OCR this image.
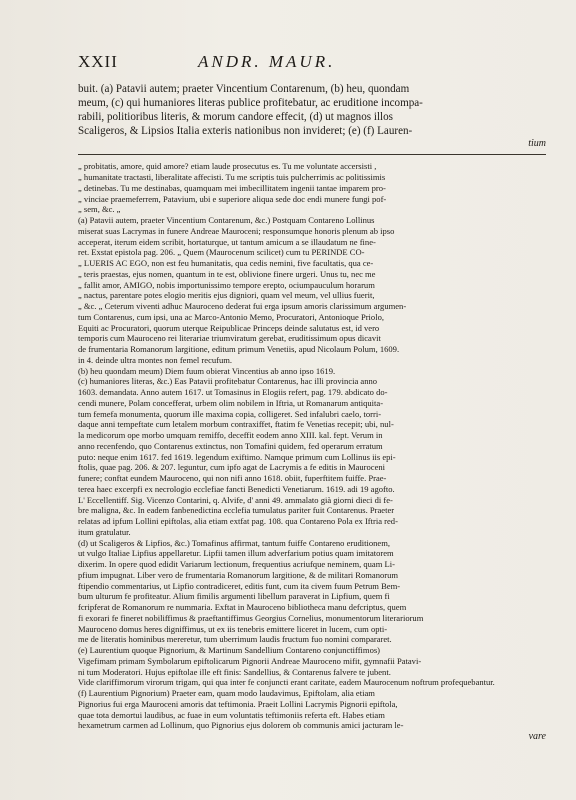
XXII	ANDR. MAUR.

buit. (a) Patavii autem; praeter Vincentium Contarenum, (b) heu, quondam

meum, (c) qui humaniores literas publice profitebatur, ac eruditione incompa-

rabili, politioribus literis, & morum candore effecit, (d) ut magnos illos

Scaligeros, & Lipsios Italia exteris nationibus non invideret; (e) (f) Lauren-

tium

„ probitatis, amore, quid amore? etiam laude prosecutus es. Tu me voluntate accersisti ,

„ humanitate tractasti, liberalitate affecisti. Tu me scriptis tuis pulcherrimis ac politissimis

„ detinebas. Tu me destinabas, quamquam mei imbecillitatem ingenii tantae imparem pro-

„ vinciae praemeferrem, Patavium, ubi e superiore aliqua sede doc endi munere fungi pof-

„ sem, &c. „

(a) Patavii autem, praeter Vincentium Contarenum, &c.) Postquam Contareno Lollinus

miserat suas Lacrymas in funere Andreae Mauroceni; responsumque honoris plenum ab ipso

acceperat, iterum eidem scribit, hortaturque, ut tantum amicum a se illaudatum ne fine-

ret. Exstat epistola pag. 206. „ Quem (Maurocenum scilicet) cum tu PERINDE CO-

„ LUERIS AC EGO, non est feu humanitatis, qua cedis nemini, five facultatis, qua ce-

„ teris praestas, ejus nomen, quantum in te est, oblivione finere urgeri. Unus tu, nec me

„ fallit amor, AMIGO, nobis importunissimo tempore erepto, ociumpauculum horarum

„ nactus, parentare potes elogio meritis ejus digniori, quam vel meum, vel ullius fuerit,

„ &c. „ Ceterum viventi adhuc Mauroceno dederat fui erga ipsum amoris clarissimum argumen-

tum Contarenus, cum ipsi, una ac Marco-Antonio Memo, Procuratori, Antonioque Priolo,

Equiti ac Procuratori, quorum uterque Reipublicae Princeps deinde salutatus est, id vero

temporis cum Mauroceno rei literariae triumviratum gerebat, eruditissimum opus dicavit

de frumentaria Romanorum largitione, editum primum Venetiis, apud Nicolaum Polum, 1609.

in 4. deinde ultra montes non femel recufum.

(b) heu quondam meum) Diem fuum obierat Vincentius ab anno ipso 1619.

(c) humaniores literas, &c.) Eas Patavii profitebatur Contarenus, hac illi provincia anno

1603. demandata. Anno autem 1617. ut Tomasinus in Elogiis refert, pag. 179. abdicato do-

cendi munere, Polam concefferat, urbem olim nobilem in Iftria, ut Romanarum antiquita-

tum femefa monumenta, quorum ille maxima copia, colligeret. Sed infalubri caelo, torri-

daque anni tempeftate cum letalem morbum contraxiffet, ftatim fe Venetias recepit; ubi, nul-

la medicorum ope morbo umquam remiffo, deceffit eodem anno XIII. kal. fept. Verum in

anno recenfendo, quo Contarenus extinctus, non Tomafini quidem, fed operarum erratum

puto: neque enim 1617. fed 1619. legendum exiftimo. Namque primum cum Lollinus iis epi-

ftolis, quae pag. 206. & 207. leguntur, cum ipfo agat de Lacrymis a fe editis in Mauroceni

funere; conftat eundem Mauroceno, qui non nifi anno 1618. obiit, fuperftitem fuiffe. Prae-

terea haec excerpfi ex necrologio ecclefiae fancti Benedicti Venetiarum. 1619. adi 19 agofto.

L' Eccellentiff. Sig. Vicenzo Contarini, q. Alvife, d' anni 49. ammalato già giorni dieci di fe-

bre maligna, &c. In eadem fanbenedictina ecclefia tumulatus pariter fuit Contarenus. Praeter

relatas ad ipfum Lollini epiftolas, alia etiam extfat pag. 108. qua Contareno Pola ex Iftria red-

itum gratulatur.

(d) ut Scaligeros & Lipfios, &c.) Tomafinus affirmat, tantum fuiffe Contareno eruditionem,

ut vulgo Italiae Lipfius appellaretur. Lipfii tamen illum adverfarium potius quam imitatorem

dixerim. In opere quod edidit Variarum lectionum, frequentius acriufque neminem, quam Li-

pfium impugnat. Liber vero de frumentaria Romanorum largitione, & de militari Romanorum

ftipendio commentarius, ut Lipfio contradiceret, editis funt, cum ita civem fuum Petrum Bem-

bum ulturum fe profiteatur. Alium fimilis argumenti libellum paraverat in Lipfium, quem fi

fcripferat de Romanorum re nummaria. Exftat in Mauroceno bibliotheca manu defcriptus, quem

fi exorari fe fineret nobiliffimus & praeftantiffimus Georgius Cornelius, monumentorum literariorum

Mauroceno domus heres digniffimus, ut ex iis tenebris emittere liceret in lucem, cum opti-

me de literatis hominibus mereretur, tum uberrimum laudis fructum fuo nomini compararet.

(e) Laurentium quoque Pignorium, & Martinum Sandellium Contareno conjunctiffimos)

Vigefimam primam Symbolarum epiftolicarum Pignorii Andreae Mauroceno mifit, gymnafii Patavi-

ni tum Moderatori. Hujus epiftolae ille eft finis: Sandellius, & Contarenus falvere te jubent.

Vide clariffimorum virorum trigam, qui qua inter fe conjuncti erant caritate, eadem Maurocenum noftrum profequebantur.

(f) Laurentium Pignorium) Praeter eam, quam modo laudavimus, Epiftolam, alia etiam

Pignorius fui erga Mauroceni amoris dat teftimonia. Praeit Lollini Lacrymis Pignorii epiftola,

quae tota demortui laudibus, ac fuae in eum voluntatis teftimoniis referta eft. Habes etiam

hexametrum carmen ad Lollinum, quo Pignorius ejus dolorem ob communis amici jacturam le-

vare
